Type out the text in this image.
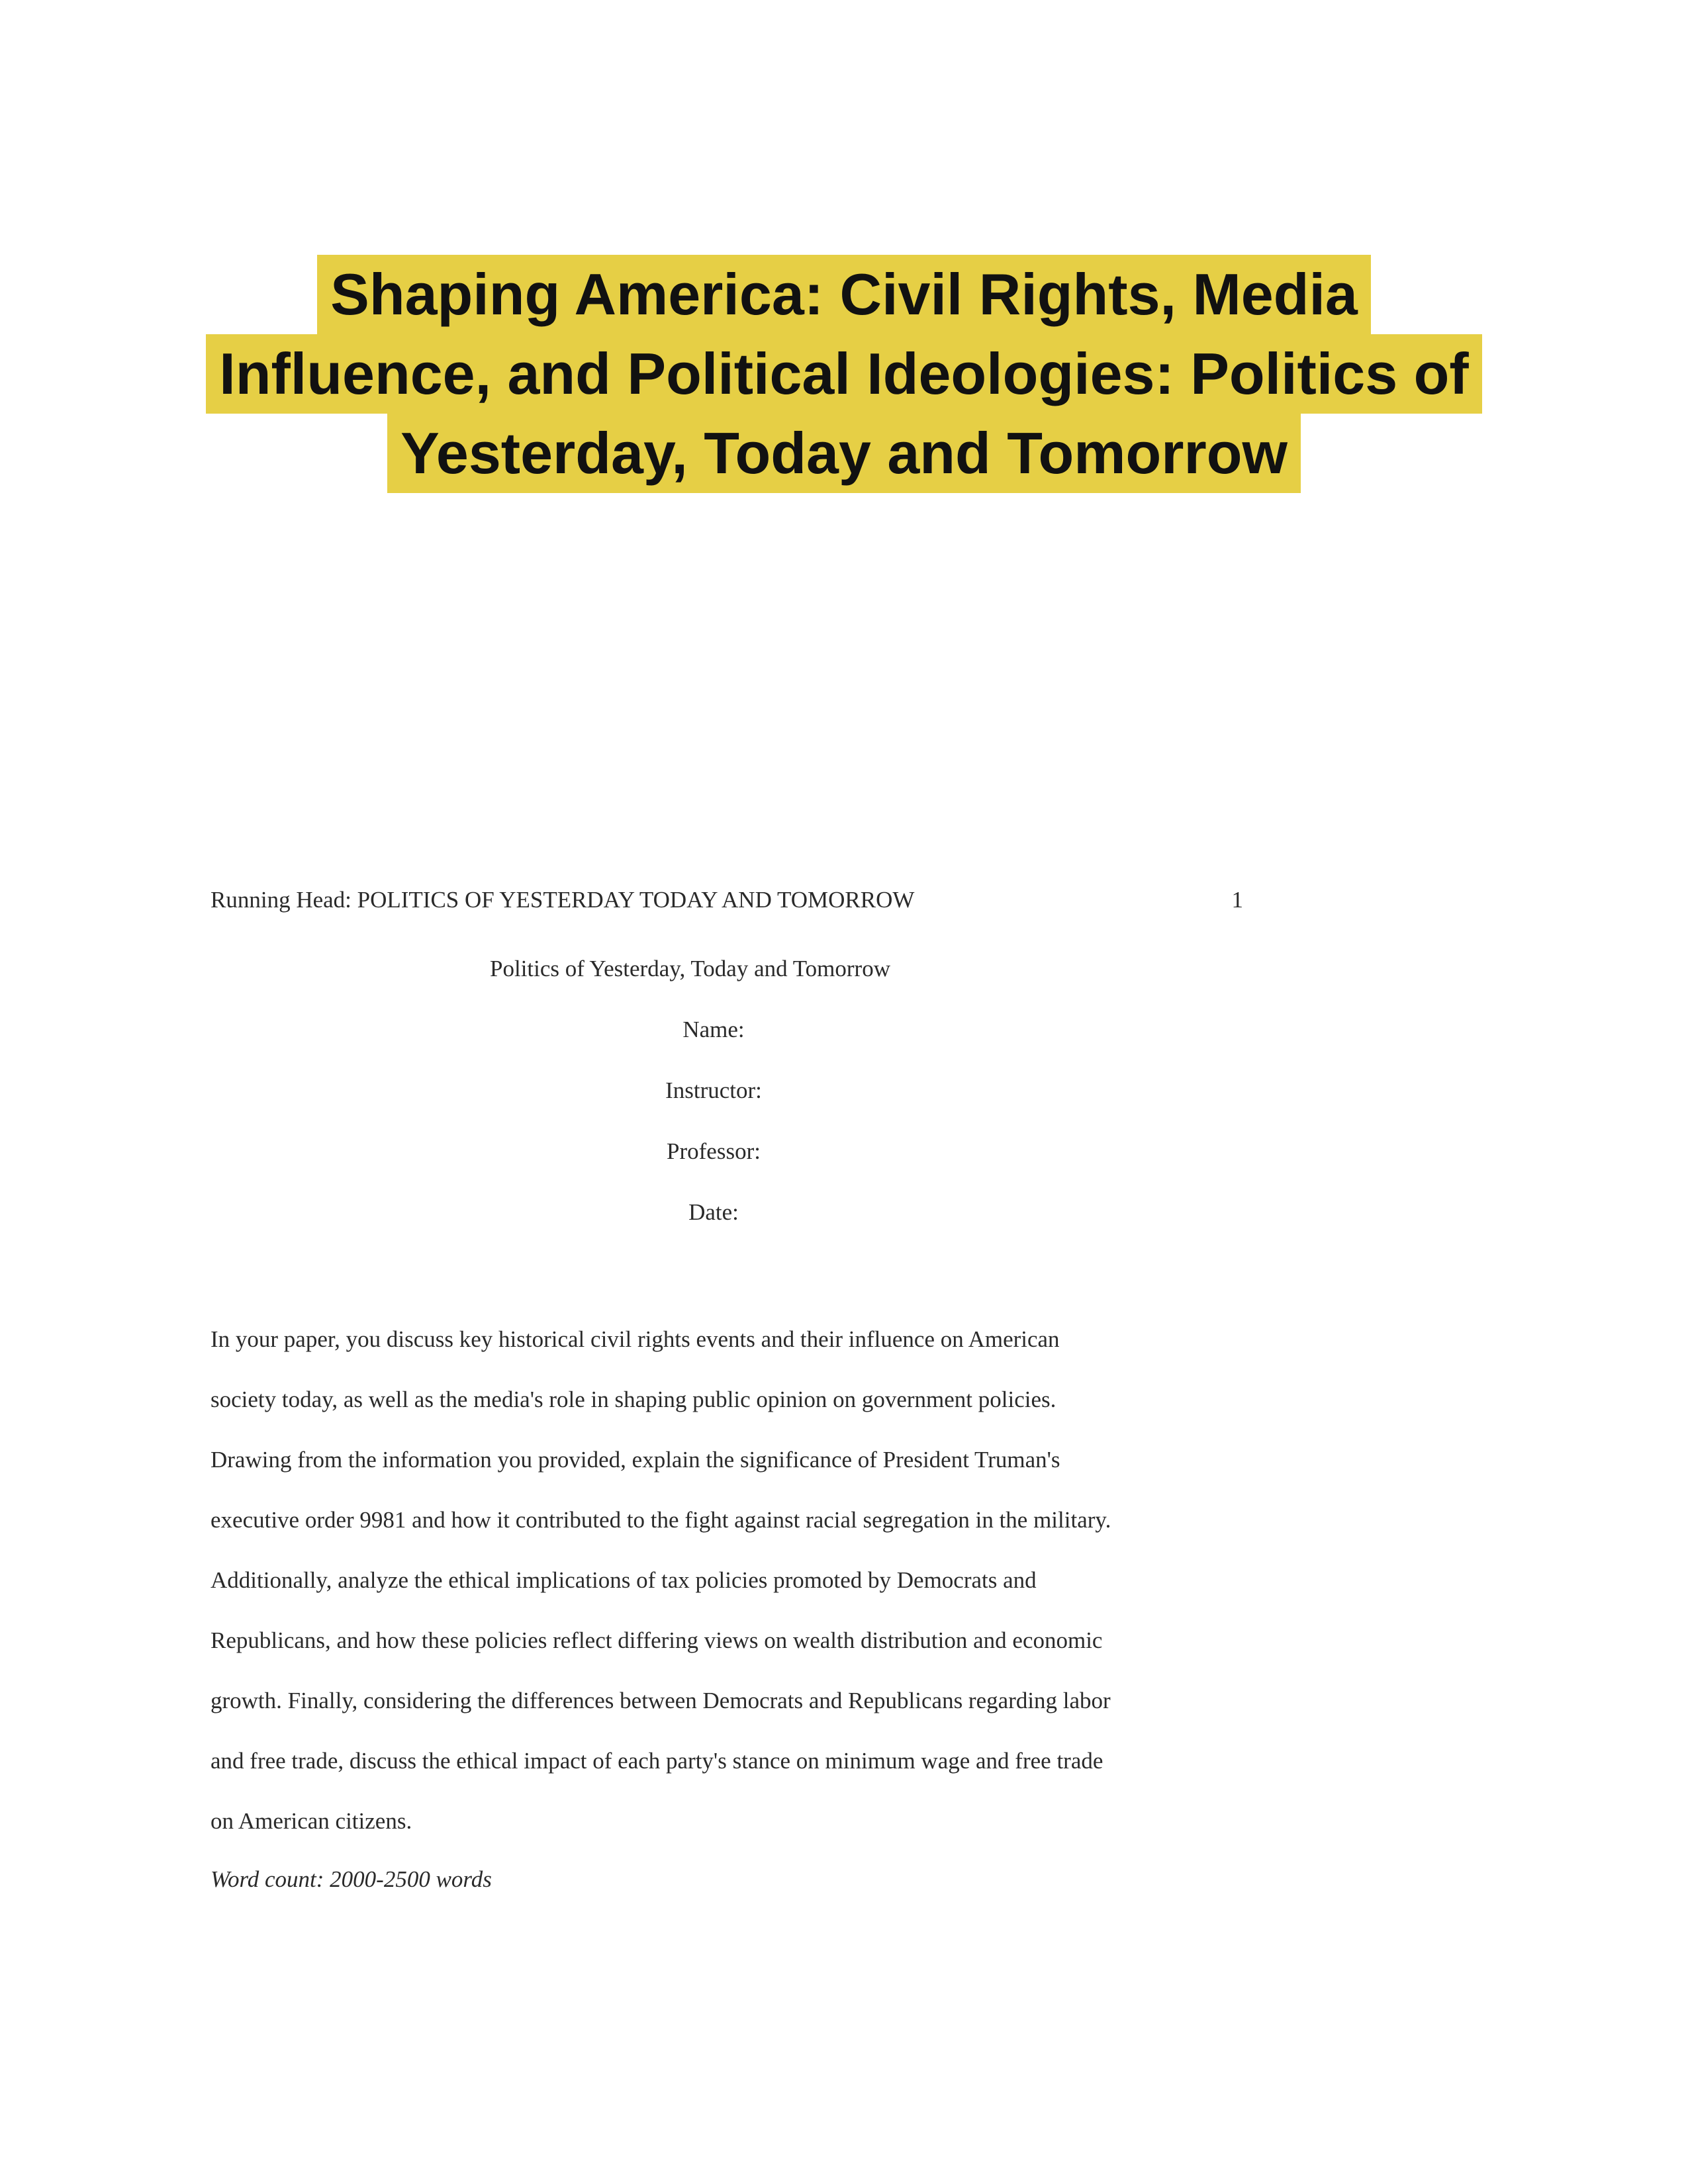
Shaping America: Civil Rights, Media
Influence, and Political Ideologies: Politics of
Yesterday, Today and Tomorrow
Running Head: POLITICS OF YESTERDAY TODAY AND TOMORROW	1
Politics of Yesterday, Today and Tomorrow
Name:
Instructor:
Professor:
Date:
In your paper, you discuss key historical civil rights events and their influence on American
society today, as well as the media's role in shaping public opinion on government policies.
Drawing from the information you provided, explain the significance of President Truman's
executive order 9981 and how it contributed to the fight against racial segregation in the military.
Additionally, analyze the ethical implications of tax policies promoted by Democrats and
Republicans, and how these policies reflect differing views on wealth distribution and economic
growth. Finally, considering the differences between Democrats and Republicans regarding labor
and free trade, discuss the ethical impact of each party's stance on minimum wage and free trade
on American citizens.
Word count: 2000-2500 words
